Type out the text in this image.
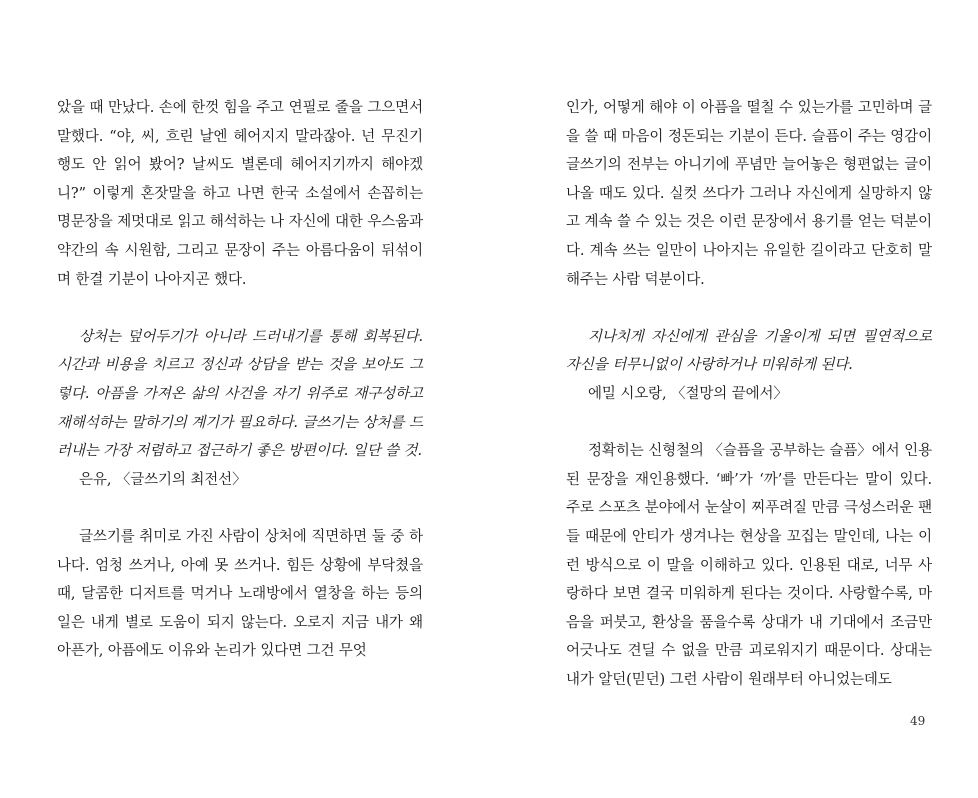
았을 때 만났다. 손에 한껏 힘을 주고 연필로 줄을 그으면서 말했다. “야, 씨, 흐린 날엔 헤어지지 말라잖아. 넌 무진기행도 안 읽어 봤어? 날씨도 별론데 헤어지기까지 해야겠니?” 이렇게 혼잣말을 하고 나면 한국 소설에서 손꼽히는 명문장을 제멋대로 읽고 해석하는 나 자신에 대한 우스움과 약간의 속 시원함, 그리고 문장이 주는 아름다움이 뒤섞이며 한결 기분이 나아지곤 했다.

상처는 덮어두기가 아니라 드러내기를 통해 회복된다. 시간과 비용을 치르고 정신과 상담을 받는 것을 보아도 그렇다. 아픔을 가져온 삶의 사건을 자기 위주로 재구성하고 재해석하는 말하기의 계기가 필요하다. 글쓰기는 상처를 드러내는 가장 저렴하고 접근하기 좋은 방편이다. 일단 쓸 것.

은유, 〈글쓰기의 최전선〉

글쓰기를 취미로 가진 사람이 상처에 직면하면 둘 중 하나다. 엄청 쓰거나, 아예 못 쓰거나. 힘든 상황에 부닥쳤을 때, 달콤한 디저트를 먹거나 노래방에서 열창을 하는 등의 일은 내게 별로 도움이 되지 않는다. 오로지 지금 내가 왜 아픈가, 아픔에도 이유와 논리가 있다면 그건 무엇

인가, 어떻게 해야 이 아픔을 떨칠 수 있는가를 고민하며 글을 쓸 때 마음이 정돈되는 기분이 든다. 슬픔이 주는 영감이 글쓰기의 전부는 아니기에 푸념만 늘어놓은 형편없는 글이 나올 때도 있다. 실컷 쓰다가 그러나 자신에게 실망하지 않고 계속 쓸 수 있는 것은 이런 문장에서 용기를 얻는 덕분이다. 계속 쓰는 일만이 나아지는 유일한 길이라고 단호히 말해주는 사람 덕분이다.

지나치게 자신에게 관심을 기울이게 되면 필연적으로 자신을 터무니없이 사랑하거나 미워하게 된다.

에밀 시오랑, 〈절망의 끝에서〉

정확히는 신형철의 〈슬픔을 공부하는 슬픔〉에서 인용된 문장을 재인용했다. ‘빠’가 ‘까’를 만든다는 말이 있다. 주로 스포츠 분야에서 눈살이 찌푸려질 만큼 극성스러운 팬들 때문에 안티가 생겨나는 현상을 꼬집는 말인데, 나는 이런 방식으로 이 말을 이해하고 있다. 인용된 대로, 너무 사랑하다 보면 결국 미워하게 된다는 것이다. 사랑할수록, 마음을 퍼붓고, 환상을 품을수록 상대가 내 기대에서 조금만 어긋나도 견딜 수 없을 만큼 괴로워지기 때문이다. 상대는 내가 알던(믿던) 그런 사람이 원래부터 아니었는데도

49
